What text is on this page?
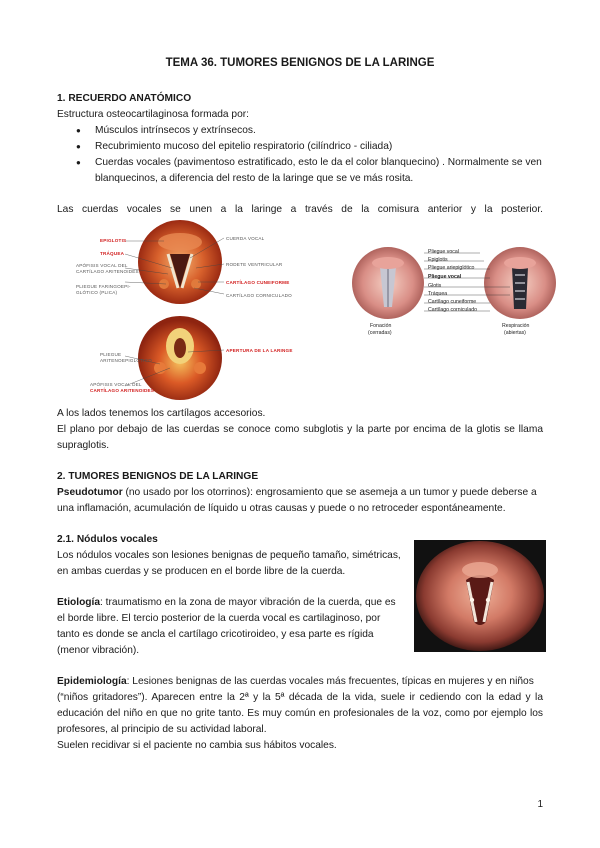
TEMA 36. TUMORES BENIGNOS DE LA LARINGE
1. RECUERDO ANATÓMICO
Estructura osteocartilaginosa formada por:
● Músculos intrínsecos y extrínsecos.
● Recubrimiento mucoso del epitelio respiratorio (cilíndrico - ciliada)
● Cuerdas vocales (pavimentoso estratificado, esto le da el color blanquecino) . Normalmente se ven
blanquecinos, a diferencia del resto de la laringe que se ve más rosita.
Las cuerdas vocales se unen a la laringe a través de la comisura anterior y la posterior.
EPIGLOTIS
TRÁQUEA
APÓFISIS VOCAL DEL
CARTÍLAGO ARITENOIDES
PLIEGUE FARINGOEPI-
GLÓTICO (PLICA)
CUERDA VOCAL
RODETE VENTRICULAR
CARTÍLAGO CUNEIFORME
CARTÍLAGO CORNICULADO
PLIEGUE
ARITENOEPIGLÓTICO
APÓFISIS VOCAL DEL
CARTÍLAGO ARITENOIDES
APERTURA DE LA LARINGE
Pliegue vocal
Epiglotis
Pliegue ariepiglótico
Pliegue vocal
Glotis
Tráquea
Cartílago cuneiforme
Cartílago corniculado
Fonación
(cerradas)
Respiración
(abiertas)
A los lados tenemos los cartílagos accesorios.
El plano por debajo de las cuerdas se conoce como subglotis y la parte por encima de la glotis se llama
supraglotis.
2. TUMORES BENIGNOS DE LA LARINGE
Pseudotumor (no usado por los otorrinos): engrosamiento que se asemeja a un tumor y puede deberse a
una inflamación, acumulación de líquido u otras causas y puede o no retroceder espontáneamente.
2.1. Nódulos vocales
Los nódulos vocales son lesiones benignas de pequeño tamaño, simétricas,
en ambas cuerdas y se producen en el borde libre de la cuerda.
Etiología: traumatismo en la zona de mayor vibración de la cuerda, que es
el borde libre. El tercio posterior de la cuerda vocal es cartilaginoso, por
tanto es donde se ancla el cartílago cricotiroideo, y esa parte es rígida
(menor vibración).
Epidemiología: Lesiones benignas de las cuerdas vocales más frecuentes, típicas en mujeres y en niños
(“niños gritadores”). Aparecen entre la 2ª y la 5ª década de la vida, suele ir cediendo con la edad y la
educación del niño en que no grite tanto. Es muy común en profesionales de la voz, como por ejemplo los
profesores, al principio de su actividad laboral.
Suelen recidivar si el paciente no cambia sus hábitos vocales.
1
